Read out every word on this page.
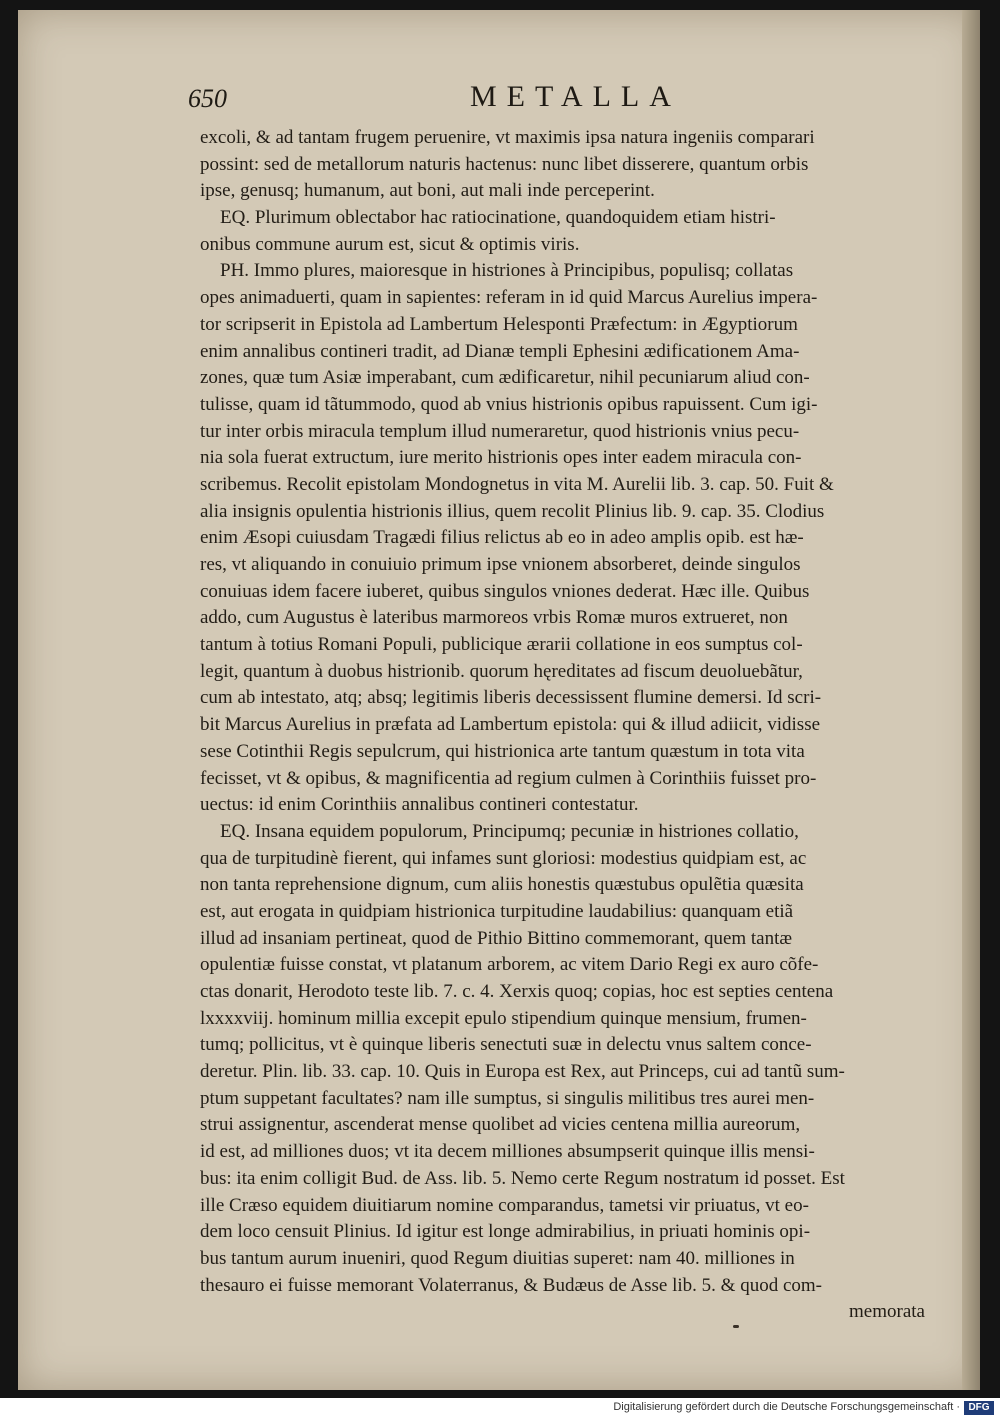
650	METALLA
excoli, & ad tantam frugem peruenire, vt maximis ipsa natura ingeniis comparari
possint: sed de metallorum naturis hactenus: nunc libet disserere, quantum orbis
ipse, genusq; humanum, aut boni, aut mali inde perceperint.
EQ. Plurimum oblectabor hac ratiocinatione, quandoquidem etiam histri-
onibus commune aurum est, sicut & optimis viris.
PH. Immo plures, maioresque in histriones à Principibus, populisq; collatas
opes animaduerti, quam in sapientes: referam in id quid Marcus Aurelius impera-
tor scripserit in Epistola ad Lambertum Helesponti Præfectum: in Ægyptiorum
enim annalibus contineri tradit, ad Dianæ templi Ephesini ædificationem Ama-
zones, quæ tum Asiæ imperabant, cum ædificaretur, nihil pecuniarum aliud con-
tulisse, quam id tãtummodo, quod ab vnius histrionis opibus rapuissent. Cum igi-
tur inter orbis miracula templum illud numeraretur, quod histrionis vnius pecu-
nia sola fuerat extructum, iure merito histrionis opes inter eadem miracula con-
scribemus. Recolit epistolam Mondognetus in vita M. Aurelii lib. 3. cap. 50. Fuit &
alia insignis opulentia histrionis illius, quem recolit Plinius lib. 9. cap. 35. Clodius
enim Æsopi cuiusdam Tragædi filius relictus ab eo in adeo amplis opib. est hæ-
res, vt aliquando in conuiuio primum ipse vnionem absorberet, deinde singulos
conuiuas idem facere iuberet, quibus singulos vniones dederat. Hæc ille. Quibus
addo, cum Augustus è lateribus marmoreos vrbis Romæ muros extrueret, non
tantum à totius Romani Populi, publicique ærarii collatione in eos sumptus col-
legit, quantum à duobus histrionib. quorum hęreditates ad fiscum deuoluebãtur,
cum ab intestato, atq; absq; legitimis liberis decessissent flumine demersi. Id scri-
bit Marcus Aurelius in præfata ad Lambertum epistola: qui & illud adiicit, vidisse
sese Cotinthii Regis sepulcrum, qui histrionica arte tantum quæstum in tota vita
fecisset, vt & opibus, & magnificentia ad regium culmen à Corinthiis fuisset pro-
uectus: id enim Corinthiis annalibus contineri contestatur.
EQ. Insana equidem populorum, Principumq; pecuniæ in histriones collatio,
qua de turpitudinè fierent, qui infames sunt gloriosi: modestius quidpiam est, ac
non tanta reprehensione dignum, cum aliis honestis quæstubus opulẽtia quæsita
est, aut erogata in quidpiam histrionica turpitudine laudabilius: quanquam etiã
illud ad insaniam pertineat, quod de Pithio Bittino commemorant, quem tantæ
opulentiæ fuisse constat, vt platanum arborem, ac vitem Dario Regi ex auro cõfe-
ctas donarit, Herodoto teste lib. 7. c. 4. Xerxis quoq; copias, hoc est septies centena
lxxxxviij. hominum millia excepit epulo stipendium quinque mensium, frumen-
tumq; pollicitus, vt è quinque liberis senectuti suæ in delectu vnus saltem conce-
deretur. Plin. lib. 33. cap. 10. Quis in Europa est Rex, aut Princeps, cui ad tantũ sum-
ptum suppetant facultates? nam ille sumptus, si singulis militibus tres aurei men-
strui assignentur, ascenderat mense quolibet ad vicies centena millia aureorum,
id est, ad milliones duos; vt ita decem milliones absumpserit quinque illis mensi-
bus: ita enim colligit Bud. de Ass. lib. 5. Nemo certe Regum nostratum id posset. Est
ille Cræso equidem diuitiarum nomine comparandus, tametsi vir priuatus, vt eo-
dem loco censuit Plinius. Id igitur est longe admirabilius, in priuati hominis opi-
bus tantum aurum inueniri, quod Regum diuitias superet: nam 40. milliones in
thesauro ei fuisse memorant Volaterranus, & Budæus de Asse lib. 5. & quod com-
memorata
Digitalisierung gefördert durch die Deutsche Forschungsgemeinschaft · DFG
